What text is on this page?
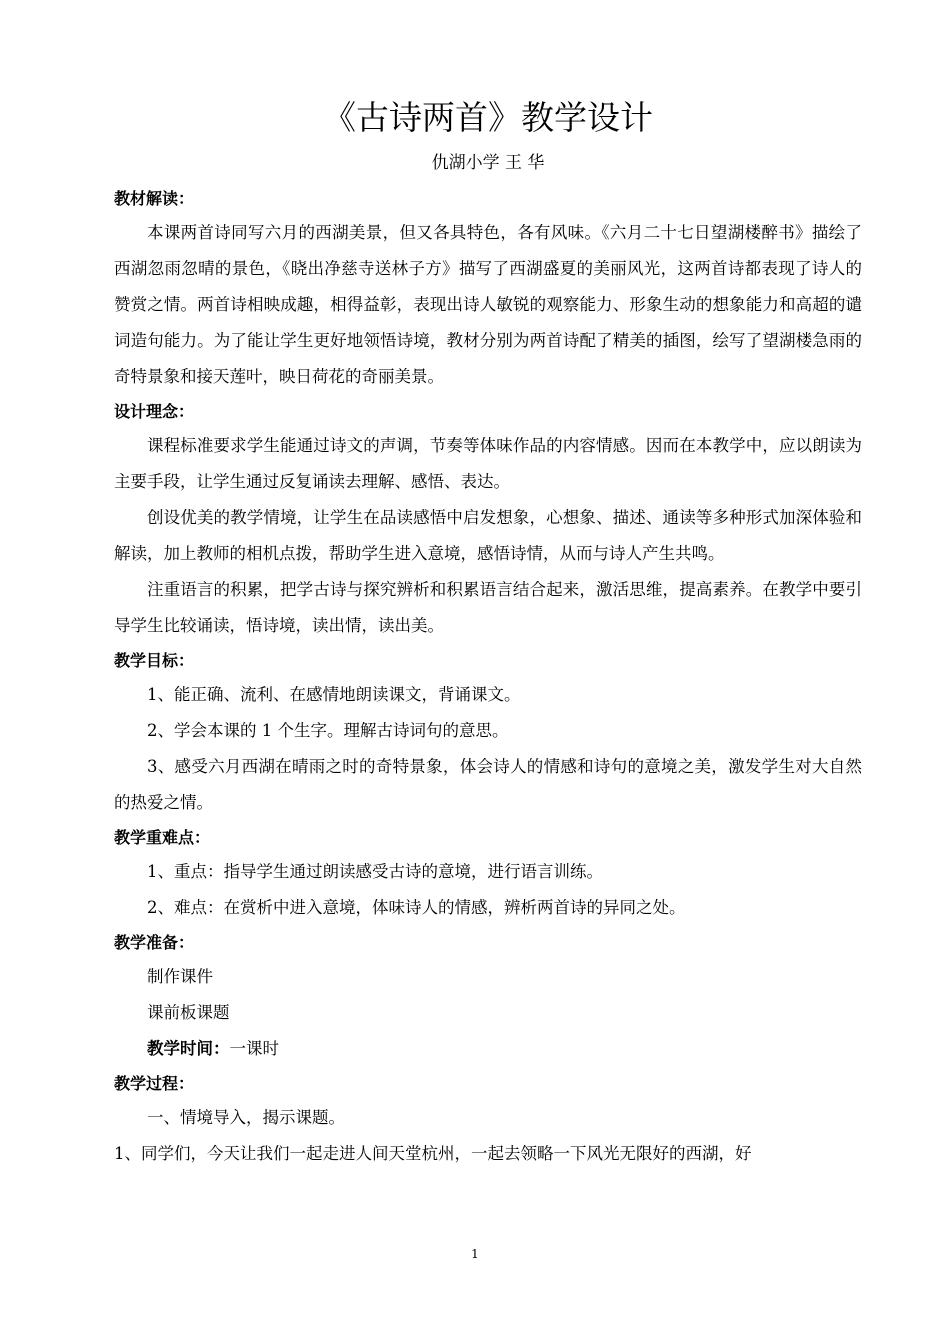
《古诗两首》教学设计

仇湖小学 王 华

教材解读：

本课两首诗同写六月的西湖美景，但又各具特色，各有风味。《六月二十七日望湖楼醉书》描绘了西湖忽雨忽晴的景色，《晓出净慈寺送林子方》描写了西湖盛夏的美丽风光，这两首诗都表现了诗人的赞赏之情。两首诗相映成趣，相得益彰，表现出诗人敏锐的观察能力、形象生动的想象能力和高超的谴词造句能力。为了能让学生更好地领悟诗境，教材分别为两首诗配了精美的插图，绘写了望湖楼急雨的奇特景象和接天莲叶，映日荷花的奇丽美景。

设计理念：

课程标准要求学生能通过诗文的声调，节奏等体味作品的内容情感。因而在本教学中，应以朗读为主要手段，让学生通过反复诵读去理解、感悟、表达。

创设优美的教学情境，让学生在品读感悟中启发想象，心想象、描述、通读等多种形式加深体验和解读，加上教师的相机点拨，帮助学生进入意境，感悟诗情，从而与诗人产生共鸣。

注重语言的积累，把学古诗与探究辨析和积累语言结合起来，激活思维，提高素养。在教学中要引导学生比较诵读，悟诗境，读出情，读出美。

教学目标：

1、能正确、流利、在感情地朗读课文，背诵课文。

2、学会本课的 1 个生字。理解古诗词句的意思。

3、感受六月西湖在晴雨之时的奇特景象，体会诗人的情感和诗句的意境之美，激发学生对大自然的热爱之情。

教学重难点：

1、重点：指导学生通过朗读感受古诗的意境，进行语言训练。

2、难点：在赏析中进入意境，体味诗人的情感，辨析两首诗的异同之处。

教学准备：

制作课件

课前板课题

教学时间：一课时

教学过程：

一、情境导入，揭示课题。

1、同学们，今天让我们一起走进人间天堂杭州，一起去领略一下风光无限好的西湖，好

1
